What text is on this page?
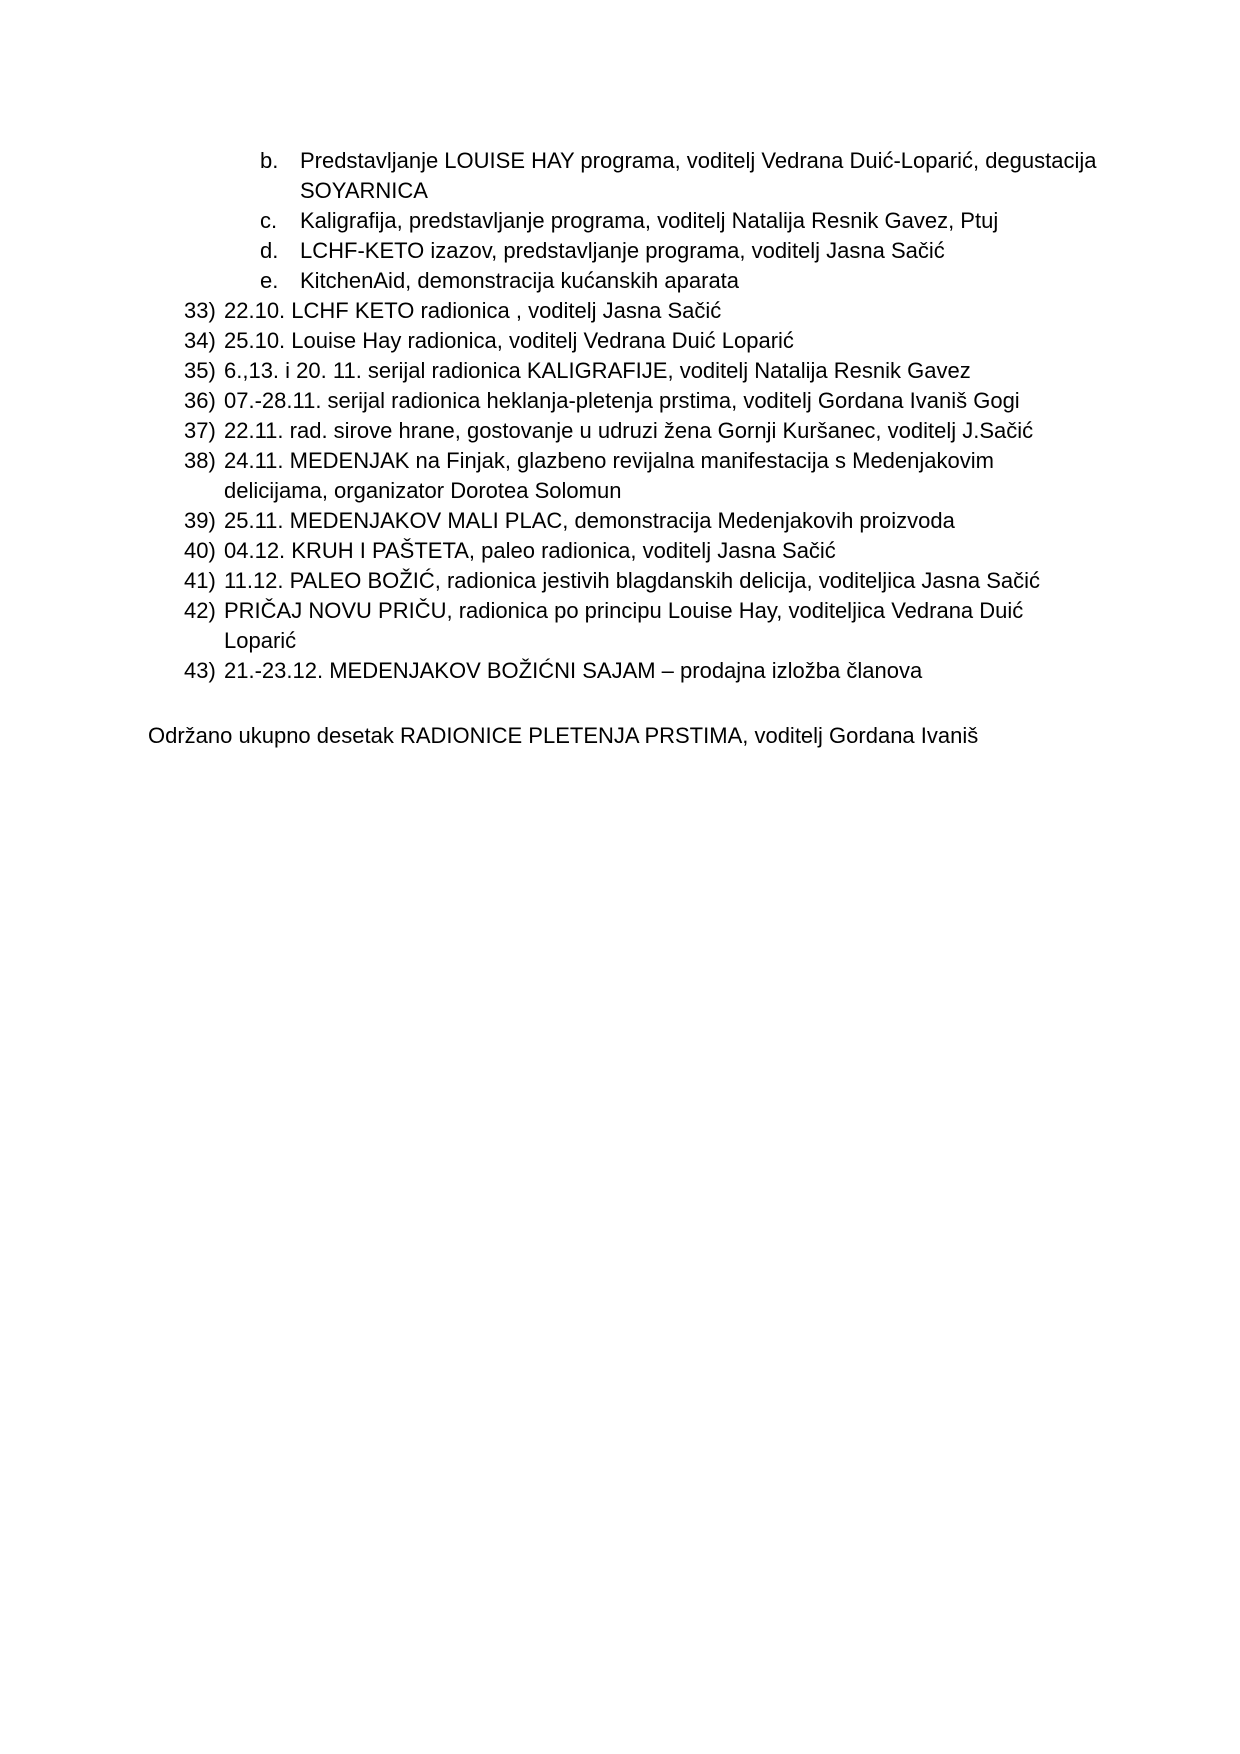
b. Predstavljanje LOUISE HAY programa, voditelj Vedrana Duić-Loparić, degustacija SOYARNICA
c.	Kaligrafija, predstavljanje programa, voditelj Natalija Resnik Gavez, Ptuj
d. LCHF-KETO izazov, predstavljanje programa, voditelj Jasna Sačić
e. KitchenAid, demonstracija kućanskih aparata
33) 22.10. LCHF KETO radionica , voditelj Jasna Sačić
34) 25.10. Louise Hay radionica, voditelj Vedrana Duić Loparić
35) 6.,13. i 20. 11. serijal radionica KALIGRAFIJE, voditelj Natalija Resnik Gavez
36) 07.-28.11. serijal radionica heklanja-pletenja prstima, voditelj Gordana Ivaniš Gogi
37) 22.11. rad. sirove hrane, gostovanje u udruzi žena Gornji Kuršanec, voditelj J.Sačić
38) 24.11. MEDENJAK na Finjak, glazbeno revijalna manifestacija s Medenjakovim delicijama, organizator Dorotea Solomun
39) 25.11. MEDENJAKOV MALI PLAC, demonstracija Medenjakovih proizvoda
40) 04.12. KRUH I PAŠTETA, paleo radionica, voditelj Jasna Sačić
41) 11.12. PALEO BOŽIĆ, radionica jestivih blagdanskih delicija, voditeljica Jasna Sačić
42) PRIČAJ NOVU PRIČU, radionica po principu Louise Hay, voditeljica Vedrana Duić Loparić
43) 21.-23.12. MEDENJAKOV BOŽIĆNI SAJAM – prodajna izložba članova

Održano ukupno desetak RADIONICE PLETENJA PRSTIMA, voditelj Gordana Ivaniš
